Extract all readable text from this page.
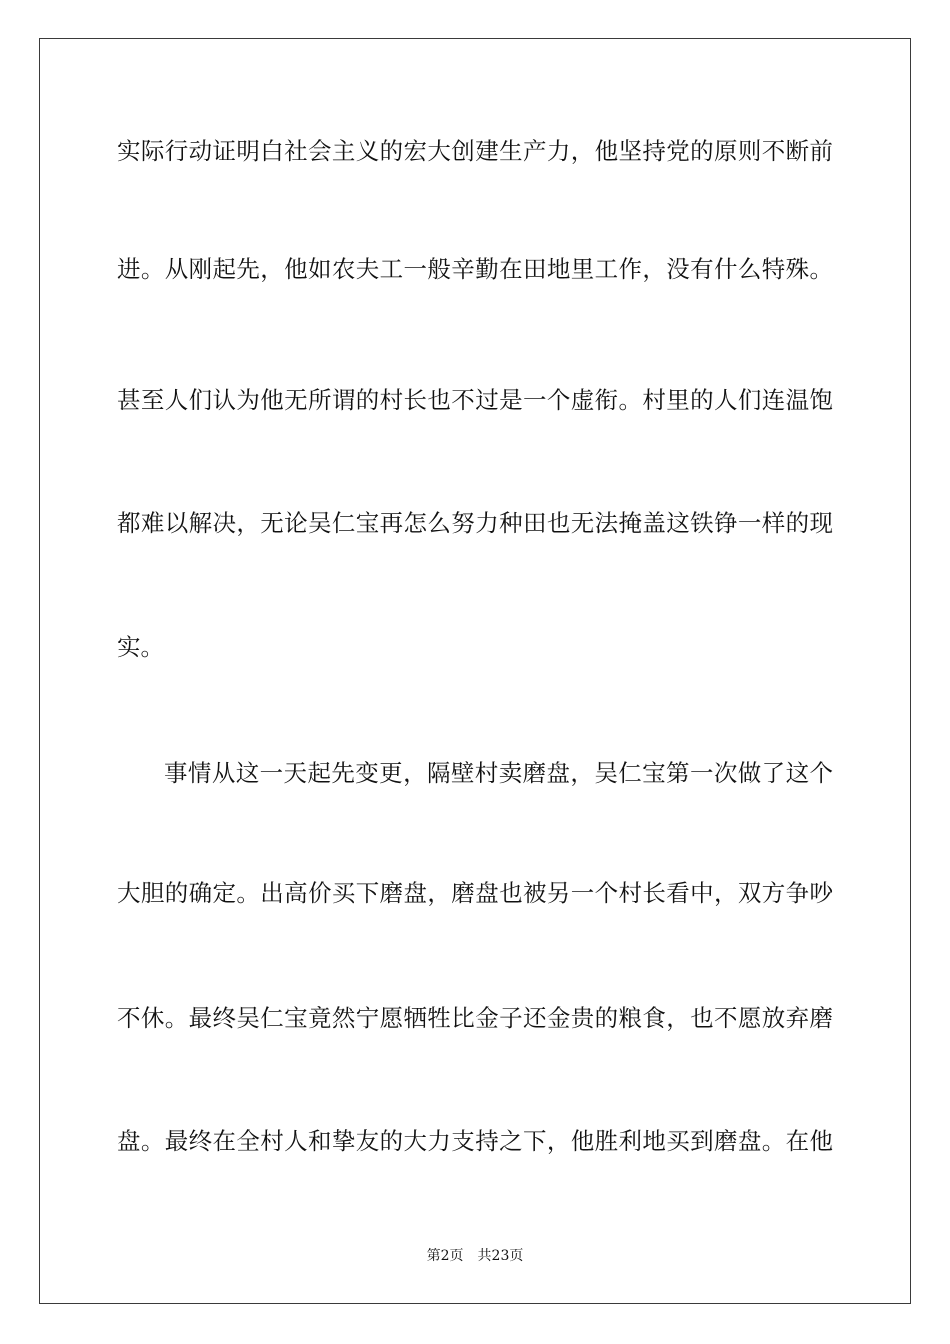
实际行动证明白社会主义的宏大创建生产力，他坚持党的原则不断前
进。从刚起先，他如农夫工一般辛勤在田地里工作，没有什么特殊。
甚至人们认为他无所谓的村长也不过是一个虚衔。村里的人们连温饱
都难以解决，无论吴仁宝再怎么努力种田也无法掩盖这铁铮一样的现
实。
事情从这一天起先变更，隔壁村卖磨盘，吴仁宝第一次做了这个
大胆的确定。出高价买下磨盘，磨盘也被另一个村长看中，双方争吵
不休。最终吴仁宝竟然宁愿牺牲比金子还金贵的粮食，也不愿放弃磨
盘。最终在全村人和挚友的大力支持之下，他胜利地买到磨盘。在他
第2页 共23页
